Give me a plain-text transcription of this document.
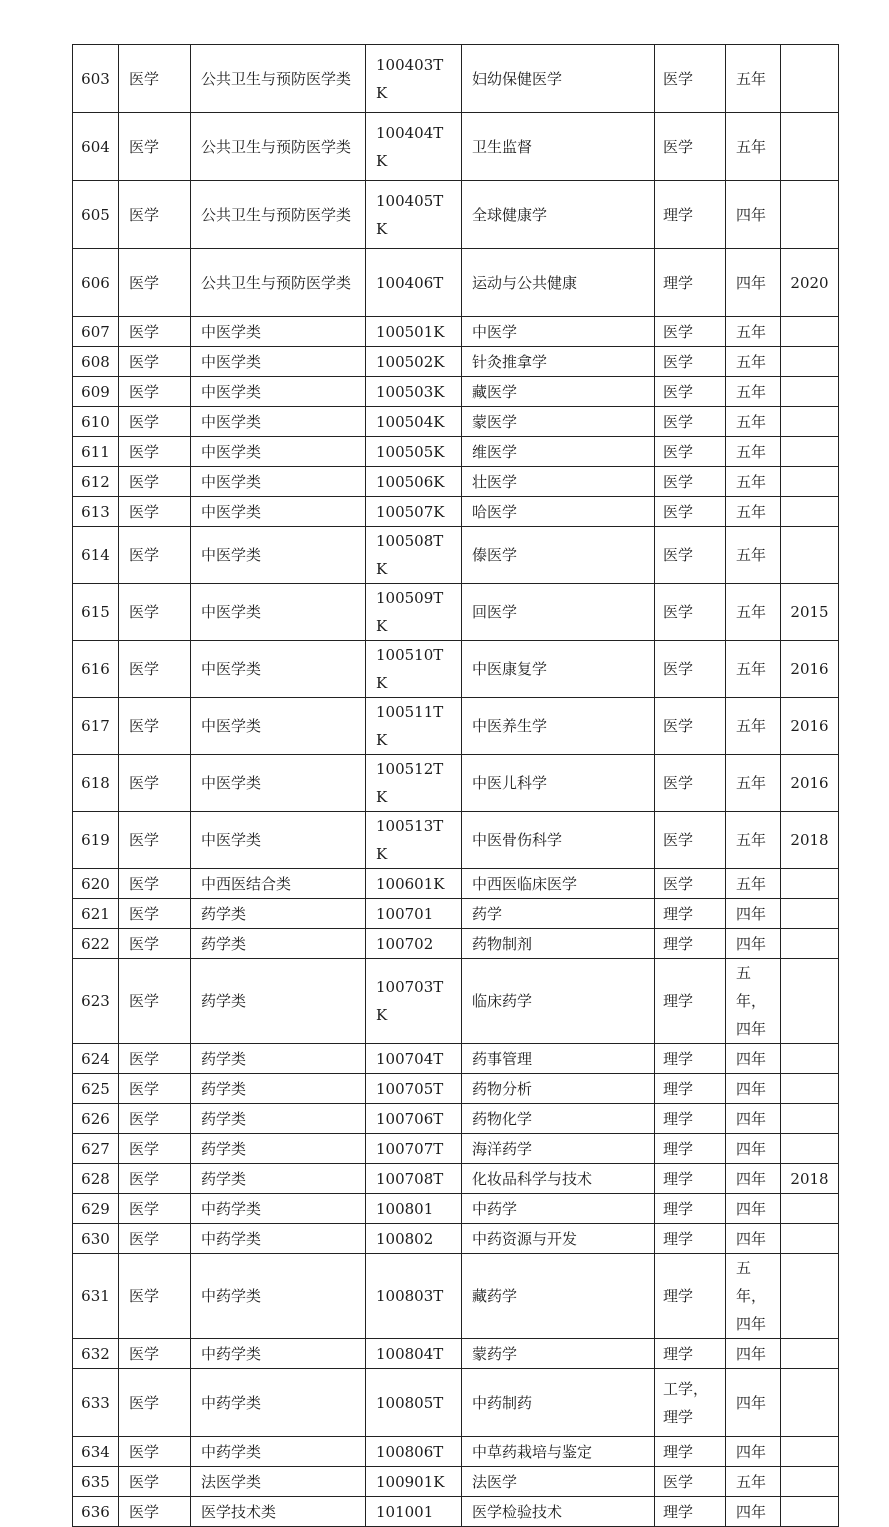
603	医学	公共卫生与预防医学类	100403TK	妇幼保健医学	医学	五年	
604	医学	公共卫生与预防医学类	100404TK	卫生监督	医学	五年	
605	医学	公共卫生与预防医学类	100405TK	全球健康学	理学	四年	
606	医学	公共卫生与预防医学类	100406T	运动与公共健康	理学	四年	2020
607	医学	中医学类	100501K	中医学	医学	五年	
608	医学	中医学类	100502K	针灸推拿学	医学	五年	
609	医学	中医学类	100503K	藏医学	医学	五年	
610	医学	中医学类	100504K	蒙医学	医学	五年	
611	医学	中医学类	100505K	维医学	医学	五年	
612	医学	中医学类	100506K	壮医学	医学	五年	
613	医学	中医学类	100507K	哈医学	医学	五年	
614	医学	中医学类	100508TK	傣医学	医学	五年	
615	医学	中医学类	100509TK	回医学	医学	五年	2015
616	医学	中医学类	100510TK	中医康复学	医学	五年	2016
617	医学	中医学类	100511TK	中医养生学	医学	五年	2016
618	医学	中医学类	100512TK	中医儿科学	医学	五年	2016
619	医学	中医学类	100513TK	中医骨伤科学	医学	五年	2018
620	医学	中西医结合类	100601K	中西医临床医学	医学	五年	
621	医学	药学类	100701	药学	理学	四年	
622	医学	药学类	100702	药物制剂	理学	四年	
623	医学	药学类	100703TK	临床药学	理学	五年，四年	
624	医学	药学类	100704T	药事管理	理学	四年	
625	医学	药学类	100705T	药物分析	理学	四年	
626	医学	药学类	100706T	药物化学	理学	四年	
627	医学	药学类	100707T	海洋药学	理学	四年	
628	医学	药学类	100708T	化妆品科学与技术	理学	四年	2018
629	医学	中药学类	100801	中药学	理学	四年	
630	医学	中药学类	100802	中药资源与开发	理学	四年	
631	医学	中药学类	100803T	藏药学	理学	五年，四年	
632	医学	中药学类	100804T	蒙药学	理学	四年	
633	医学	中药学类	100805T	中药制药	工学，理学	四年	
634	医学	中药学类	100806T	中草药栽培与鉴定	理学	四年	
635	医学	法医学类	100901K	法医学	医学	五年	
636	医学	医学技术类	101001	医学检验技术	理学	四年	
